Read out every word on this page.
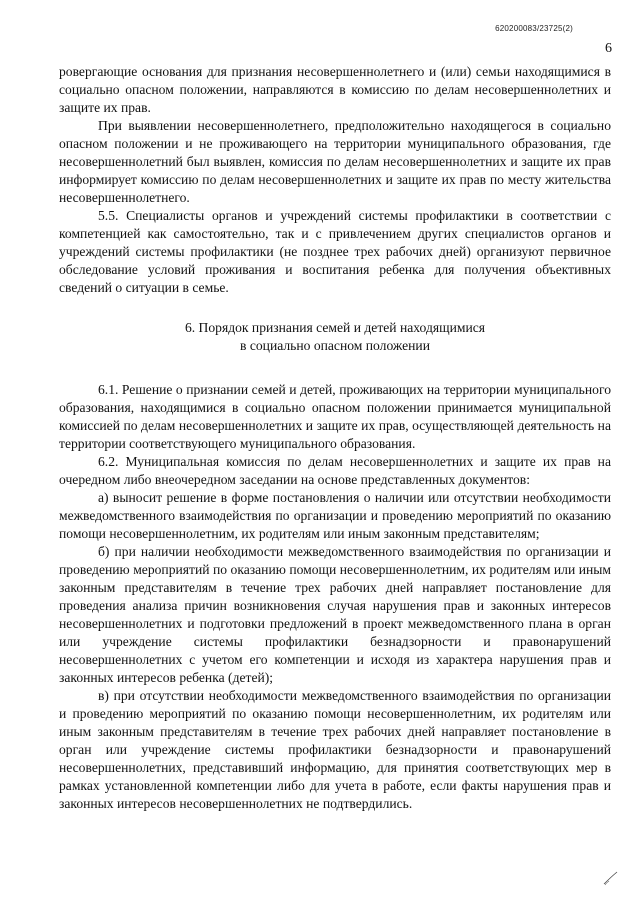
620200083/23725(2)
6

ровергающие основания для признания несовершеннолетнего и (или) семьи находящимися в социально опасном положении, направляются в комиссию по делам несовершеннолетних и защите их прав.

При выявлении несовершеннолетнего, предположительно находящегося в социально опасном положении и не проживающего на территории муниципального образования, где несовершеннолетний был выявлен, комиссия по делам несовершеннолетних и защите их прав информирует комиссию по делам несовершеннолетних и защите их прав по месту жительства несовершеннолетнего.

5.5. Специалисты органов и учреждений системы профилактики в соответствии с компетенцией как самостоятельно, так и с привлечением других специалистов органов и учреждений системы профилактики (не позднее трех рабочих дней) организуют первичное обследование условий проживания и воспитания ребенка для получения объективных сведений о ситуации в семье.

6. Порядок признания семей и детей находящимися
в социально опасном положении

6.1. Решение о признании семей и детей, проживающих на территории муниципального образования, находящимися в социально опасном положении принимается муниципальной комиссией по делам несовершеннолетних и защите их прав, осуществляющей деятельность на территории соответствующего муниципального образования.

6.2. Муниципальная комиссия по делам несовершеннолетних и защите их прав на очередном либо внеочередном заседании на основе представленных документов:

а) выносит решение в форме постановления о наличии или отсутствии необходимости межведомственного взаимодействия по организации и проведению мероприятий по оказанию помощи несовершеннолетним, их родителям или иным законным представителям;

б) при наличии необходимости межведомственного взаимодействия по организации и проведению мероприятий по оказанию помощи несовершеннолетним, их родителям или иным законным представителям в течение трех рабочих дней направляет постановление для проведения анализа причин возникновения случая нарушения прав и законных интересов несовершеннолетних и подготовки предложений в проект межведомственного плана в орган или учреждение системы профилактики безнадзорности и правонарушений несовершеннолетних с учетом его компетенции и исходя из характера нарушения прав и законных интересов ребенка (детей);

в) при отсутствии необходимости межведомственного взаимодействия по организации и проведению мероприятий по оказанию помощи несовершеннолетним, их родителям или иным законным представителям в течение трех рабочих дней направляет постановление в орган или учреждение системы профилактики безнадзорности и правонарушений несовершеннолетних, представивший информацию, для принятия соответствующих мер в рамках установленной компетенции либо для учета в работе, если факты нарушения прав и законных интересов несовершеннолетних не подтвердились.
